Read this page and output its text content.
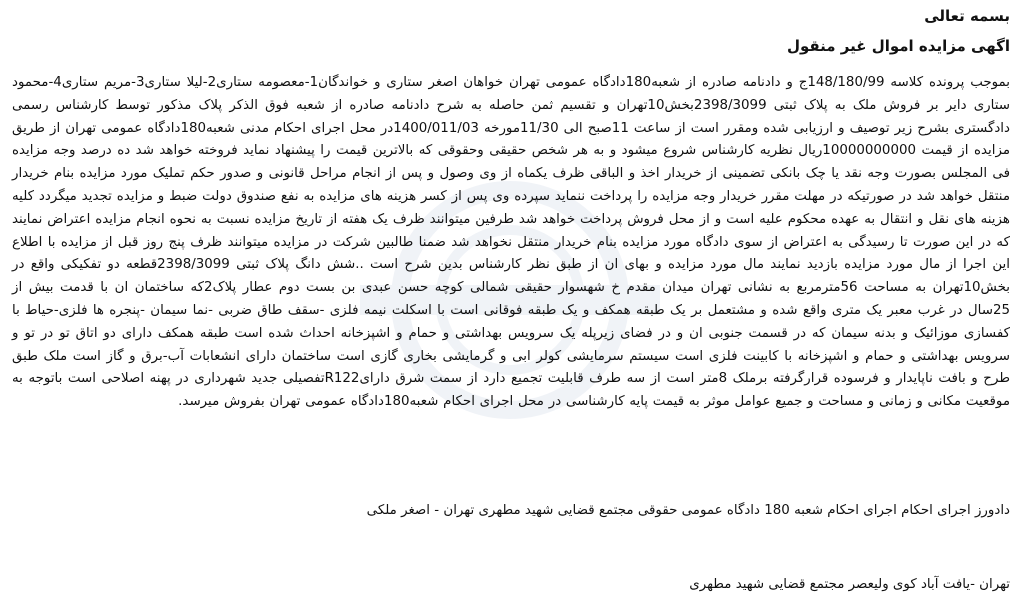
بسمه تعالی
اگهی مزایده اموال غیر منقول
بموجب پرونده کلاسه 148/180/99ج و دادنامه صادره از شعبه180دادگاه عمومی تهران خواهان اصغر ستاری و خواندگان1-معصومه ستاری2-لیلا ستاری3-مریم ستاری4-محمود ستاری دایر بر فروش ملک به پلاک ثبتی 2398/3099بخش10تهران و تقسیم ثمن حاصله به شرح دادنامه صادره از شعبه فوق الذکر پلاک مذکور توسط کارشناس رسمی دادگستری بشرح زیر توصیف و ارزیابی شده ومقرر است از ساعت 11صبح الی 11/30مورخه 1400/011/03در محل اجرای احکام مدنی شعبه180دادگاه عمومی تهران از طریق مزایده از قیمت 10000000000ریال نظریه کارشناس شروع میشود و به هر شخص حقیقی وحقوقی که بالاترین قیمت را پیشنهاد نماید فروخته خواهد شد ده درصد وجه مزایده فی المجلس بصورت وجه نقد یا چک بانکی تضمینی از خریدار اخذ و الباقی ظرف یکماه از وی وصول و پس از انجام مراحل قانونی و صدور حکم تملیک مورد مزایده بنام خریدار منتقل خواهد شد در صورتیکه در مهلت مقرر خریدار وجه مزایده را پرداخت ننماید سپرده وی پس از کسر هزینه های مزایده به نفع صندوق دولت ضبط و مزایده تجدید میگردد کلیه هزینه های نقل و انتقال به عهده محکوم علیه است و از محل فروش پرداخت خواهد شد طرفین میتوانند ظرف یک هفته از تاریخ مزایده نسبت به نحوه انجام مزایده اعتراض نمایند که در این صورت تا رسیدگی به اعتراض از سوی دادگاه مورد مزایده بنام خریدار منتقل نخواهد شد ضمنا طالبین شرکت در مزایده میتوانند ظرف پنج روز قبل از مزایده با اطلاع این اجرا از مال مورد مزایده بازدید نمایند مال مورد مزایده و بهای ان از طبق نظر کارشناس بدین شرح است ..شش دانگ پلاک ثبتی 2398/3099قطعه دو تفکیکی واقع در بخش10تهران به مساحت 56مترمربع به نشانی تهران میدان مقدم خ شهسوار حقیقی شمالی کوچه حسن عبدی بن بست دوم عطار پلاک2که ساختمان ان با قدمت بیش از 25سال در غرب معبر یک متری واقع شده و مشتعمل بر یک طبقه همکف و یک طبقه فوقانی است با اسکلت نیمه فلزی -سقف طاق ضربی -نما سیمان -پنجره ها فلزی-حیاط با کفسازی موزائیک و بدنه سیمان که در قسمت جنوبی ان و در فضای زیرپله یک سرویس بهداشتی و حمام و اشپزخانه احداث شده است طبقه همکف دارای دو اتاق تو در تو و سرویس بهداشتی و حمام و اشپزخانه با کابینت فلزی است سیستم سرمایشی کولر ابی و گرمایشی بخاری گازی است ساختمان دارای انشعابات آب-برق و گاز است ملک طبق طرح و بافت ناپایدار و فرسوده قرارگرفته برملک 8متر است از سه طرف قابلیت تجمیع دارد از سمت شرق دارایR122تفصیلی جدید شهرداری در پهنه اصلاحی است باتوجه به موقعیت مکانی و زمانی و مساحت و جمیع عوامل موثر به قیمت پایه کارشناسی در محل اجرای احکام شعبه180دادگاه عمومی تهران بفروش میرسد.
دادورز اجرای احکام اجرای احکام شعبه 180 دادگاه عمومی حقوقی مجتمع قضایی شهید مطهری تهران - اصغر ملکی
تهران -یافت آباد کوی ولیعصر مجتمع قضایی شهید مطهری
